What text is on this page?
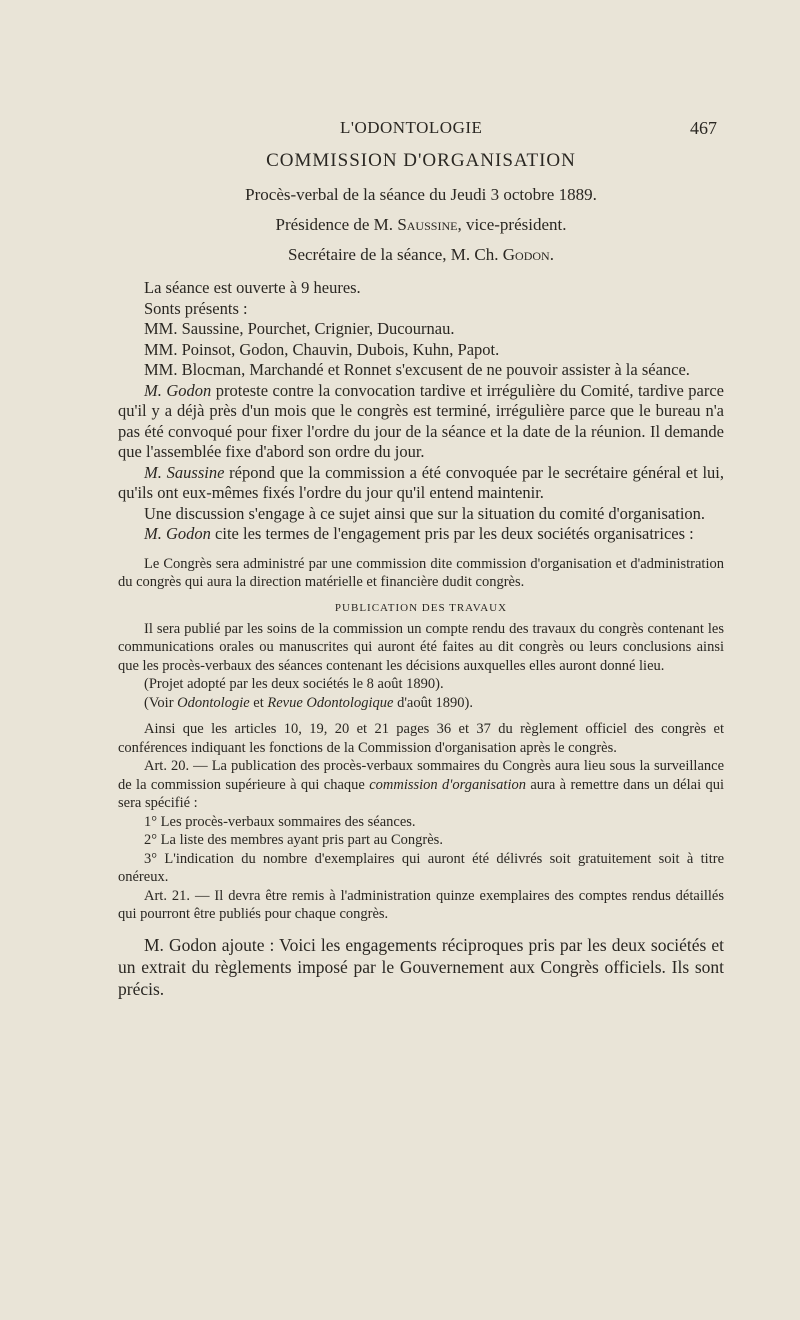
L'ODONTOLOGIE	467
COMMISSION D'ORGANISATION

Procès-verbal de la séance du Jeudi 3 octobre 1889.

Présidence de M. Saussine, vice-président.

Secrétaire de la séance, M. Ch. Godon.

La séance est ouverte à 9 heures.

Sonts présents :

MM. Saussine, Pourchet, Crignier, Ducournau.

MM. Poinsot, Godon, Chauvin, Dubois, Kuhn, Papot.

MM. Blocman, Marchandé et Ronnet s'excusent de ne pouvoir assister à la séance.

M. Godon proteste contre la convocation tardive et irrégulière du Comité, tardive parce qu'il y a déjà près d'un mois que le congrès est terminé, irrégulière parce que le bureau n'a pas été convoqué pour fixer l'ordre du jour de la séance et la date de la réunion. Il demande que l'assemblée fixe d'abord son ordre du jour.

M. Saussine répond que la commission a été convoquée par le secrétaire général et lui, qu'ils ont eux-mêmes fixés l'ordre du jour qu'il entend maintenir.

Une discussion s'engage à ce sujet ainsi que sur la situation du comité d'organisation.

M. Godon cite les termes de l'engagement pris par les deux sociétés organisatrices :

Le Congrès sera administré par une commission dite commission d'organisation et d'administration du congrès qui aura la direction matérielle et financière dudit congrès.

PUBLICATION DES TRAVAUX

Il sera publié par les soins de la commission un compte rendu des travaux du congrès contenant les communications orales ou manuscrites qui auront été faites au dit congrès ou leurs conclusions ainsi que les procès-verbaux des séances contenant les décisions auxquelles elles auront donné lieu.

(Projet adopté par les deux sociétés le 8 août 1890).

(Voir Odontologie et Revue Odontologique d'août 1890).

Ainsi que les articles 10, 19, 20 et 21 pages 36 et 37 du règlement officiel des congrès et conférences indiquant les fonctions de la Commission d'organisation après le congrès.

Art. 20. — La publication des procès-verbaux sommaires du Congrès aura lieu sous la surveillance de la commission supérieure à qui chaque commission d'organisation aura à remettre dans un délai qui sera spécifié :

1° Les procès-verbaux sommaires des séances.

2° La liste des membres ayant pris part au Congrès.

3° L'indication du nombre d'exemplaires qui auront été délivrés soit gratuitement soit à titre onéreux.

Art. 21. — Il devra être remis à l'administration quinze exemplaires des comptes rendus détaillés qui pourront être publiés pour chaque congrès.

M. Godon ajoute : Voici les engagements réciproques pris par les deux sociétés et un extrait du règlements imposé par le Gouvernement aux Congrès officiels. Ils sont précis.
